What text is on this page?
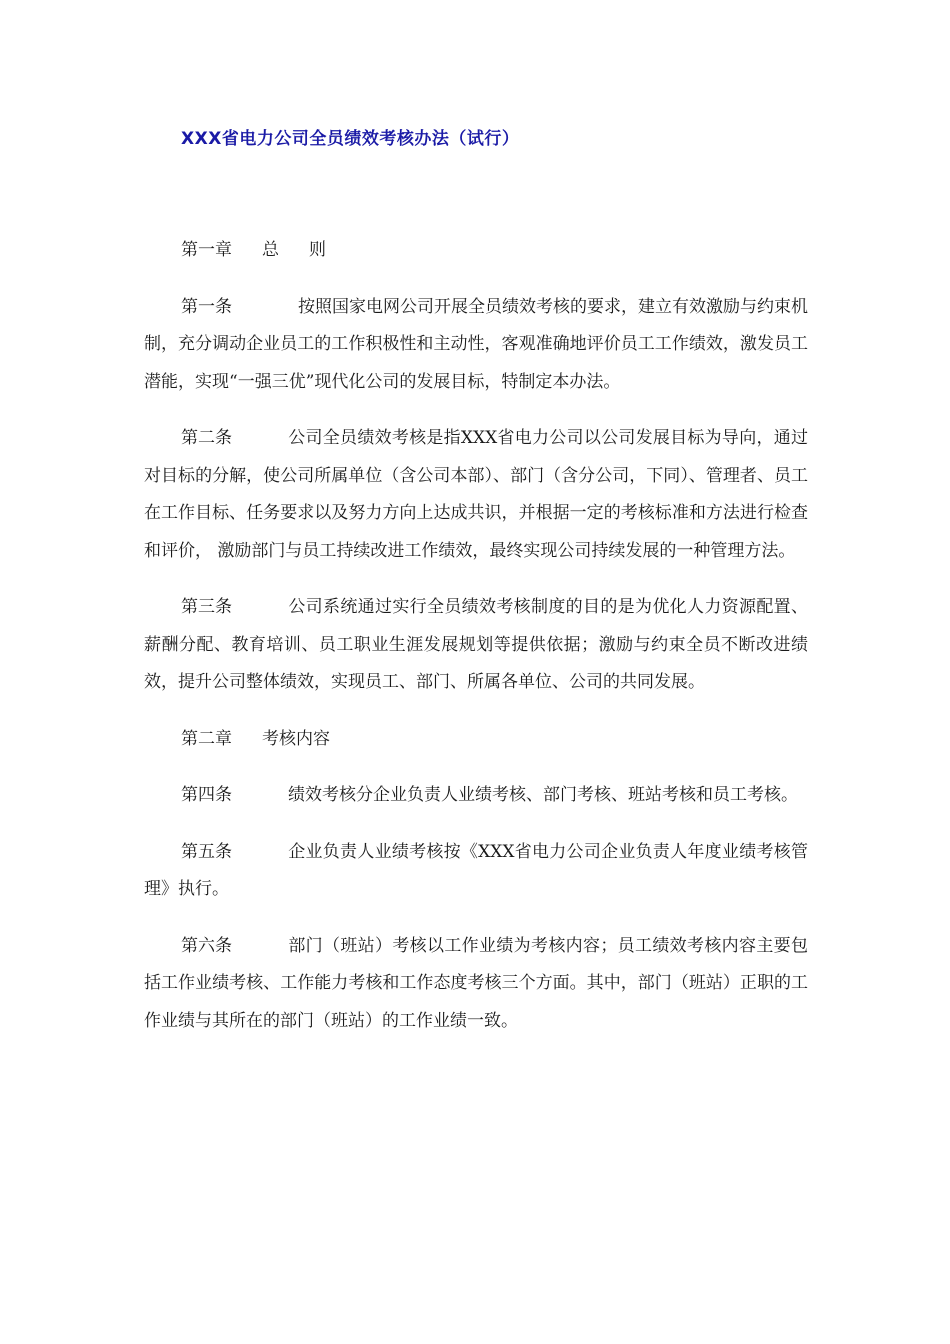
XXX省电力公司全员绩效考核办法（试行）

第一章 总 则

第一条	按照国家电网公司开展全员绩效考核的要求，建立有效激励与约束机制，充分调动企业员工的工作积极性和主动性，客观准确地评价员工工作绩效，激发员工潜能，实现“一强三优”现代化公司的发展目标，特制定本办法。

第二条	公司全员绩效考核是指XXX省电力公司以公司发展目标为导向，通过对目标的分解，使公司所属单位（含公司本部）、部门（含分公司，下同）、管理者、员工在工作目标、任务要求以及努力方向上达成共识，并根据一定的考核标准和方法进行检查和评价， 激励部门与员工持续改进工作绩效，最终实现公司持续发展的一种管理方法。

第三条	公司系统通过实行全员绩效考核制度的目的是为优化人力资源配置、薪酬分配、教育培训、员工职业生涯发展规划等提供依据；激励与约束全员不断改进绩效，提升公司整体绩效，实现员工、部门、所属各单位、公司的共同发展。

第二章 考核内容

第四条	绩效考核分企业负责人业绩考核、部门考核、班站考核和员工考核。

第五条	企业负责人业绩考核按《XXX省电力公司企业负责人年度业绩考核管理》执行。

第六条	部门（班站）考核以工作业绩为考核内容；员工绩效考核内容主要包括工作业绩考核、工作能力考核和工作态度考核三个方面。其中，部门（班站）正职的工作业绩与其所在的部门（班站）的工作业绩一致。
